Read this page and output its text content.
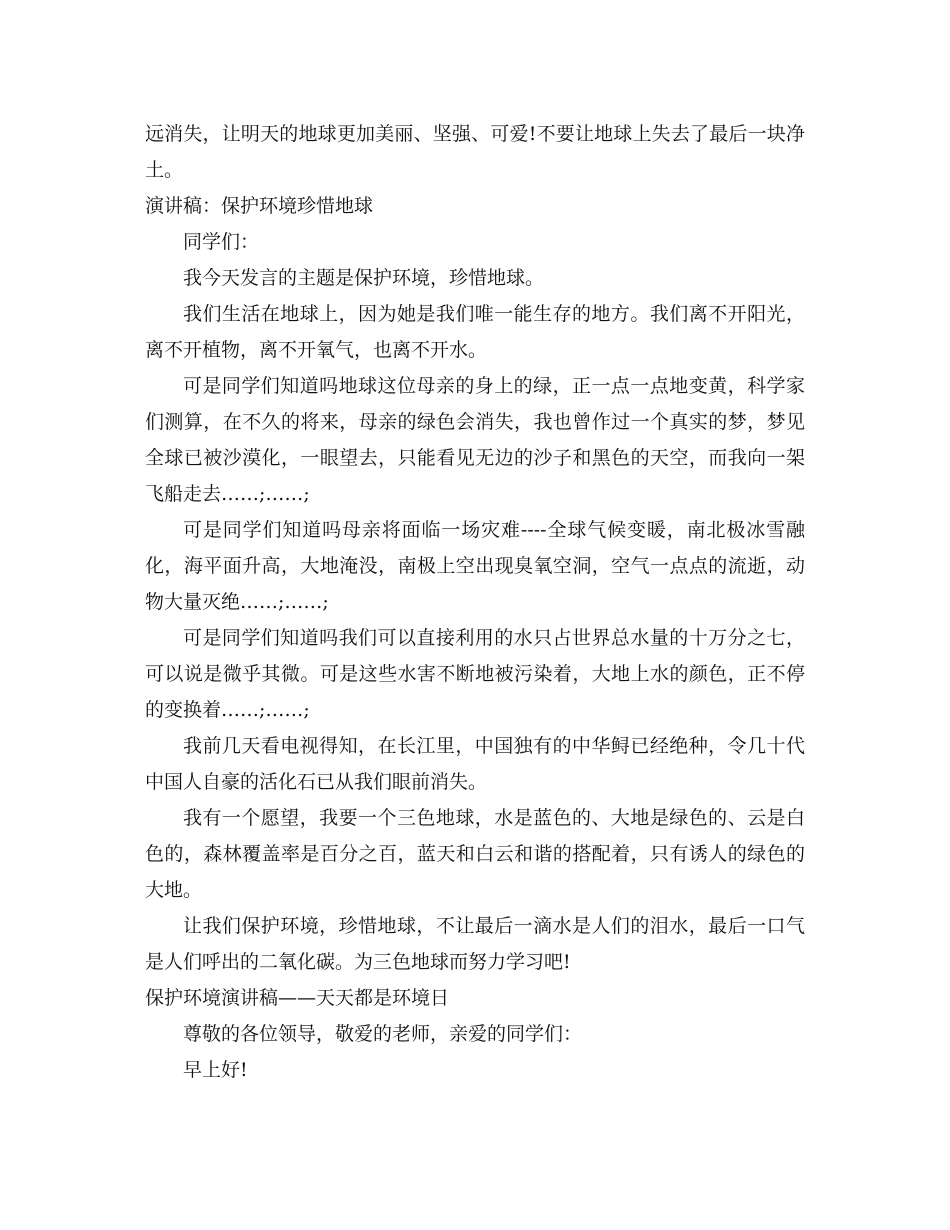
远消失，让明天的地球更加美丽、坚强、可爱!不要让地球上失去了最后一块净土。

演讲稿：保护环境珍惜地球

同学们：

我今天发言的主题是保护环境，珍惜地球。

我们生活在地球上，因为她是我们唯一能生存的地方。我们离不开阳光，离不开植物，离不开氧气，也离不开水。

可是同学们知道吗地球这位母亲的身上的绿，正一点一点地变黄，科学家们测算，在不久的将来，母亲的绿色会消失，我也曾作过一个真实的梦，梦见全球已被沙漠化，一眼望去，只能看见无边的沙子和黑色的天空，而我向一架飞船走去……;……;

可是同学们知道吗母亲将面临一场灾难----全球气候变暖，南北极冰雪融化，海平面升高，大地淹没，南极上空出现臭氧空洞，空气一点点的流逝，动物大量灭绝……;……;

可是同学们知道吗我们可以直接利用的水只占世界总水量的十万分之七，可以说是微乎其微。可是这些水害不断地被污染着，大地上水的颜色，正不停的变换着……;……;

我前几天看电视得知，在长江里，中国独有的中华鲟已经绝种，令几十代中国人自豪的活化石已从我们眼前消失。

我有一个愿望，我要一个三色地球，水是蓝色的、大地是绿色的、云是白色的，森林覆盖率是百分之百，蓝天和白云和谐的搭配着，只有诱人的绿色的大地。

让我们保护环境，珍惜地球，不让最后一滴水是人们的泪水，最后一口气是人们呼出的二氧化碳。为三色地球而努力学习吧!

保护环境演讲稿——天天都是环境日

尊敬的各位领导，敬爱的老师，亲爱的同学们：

早上好!
